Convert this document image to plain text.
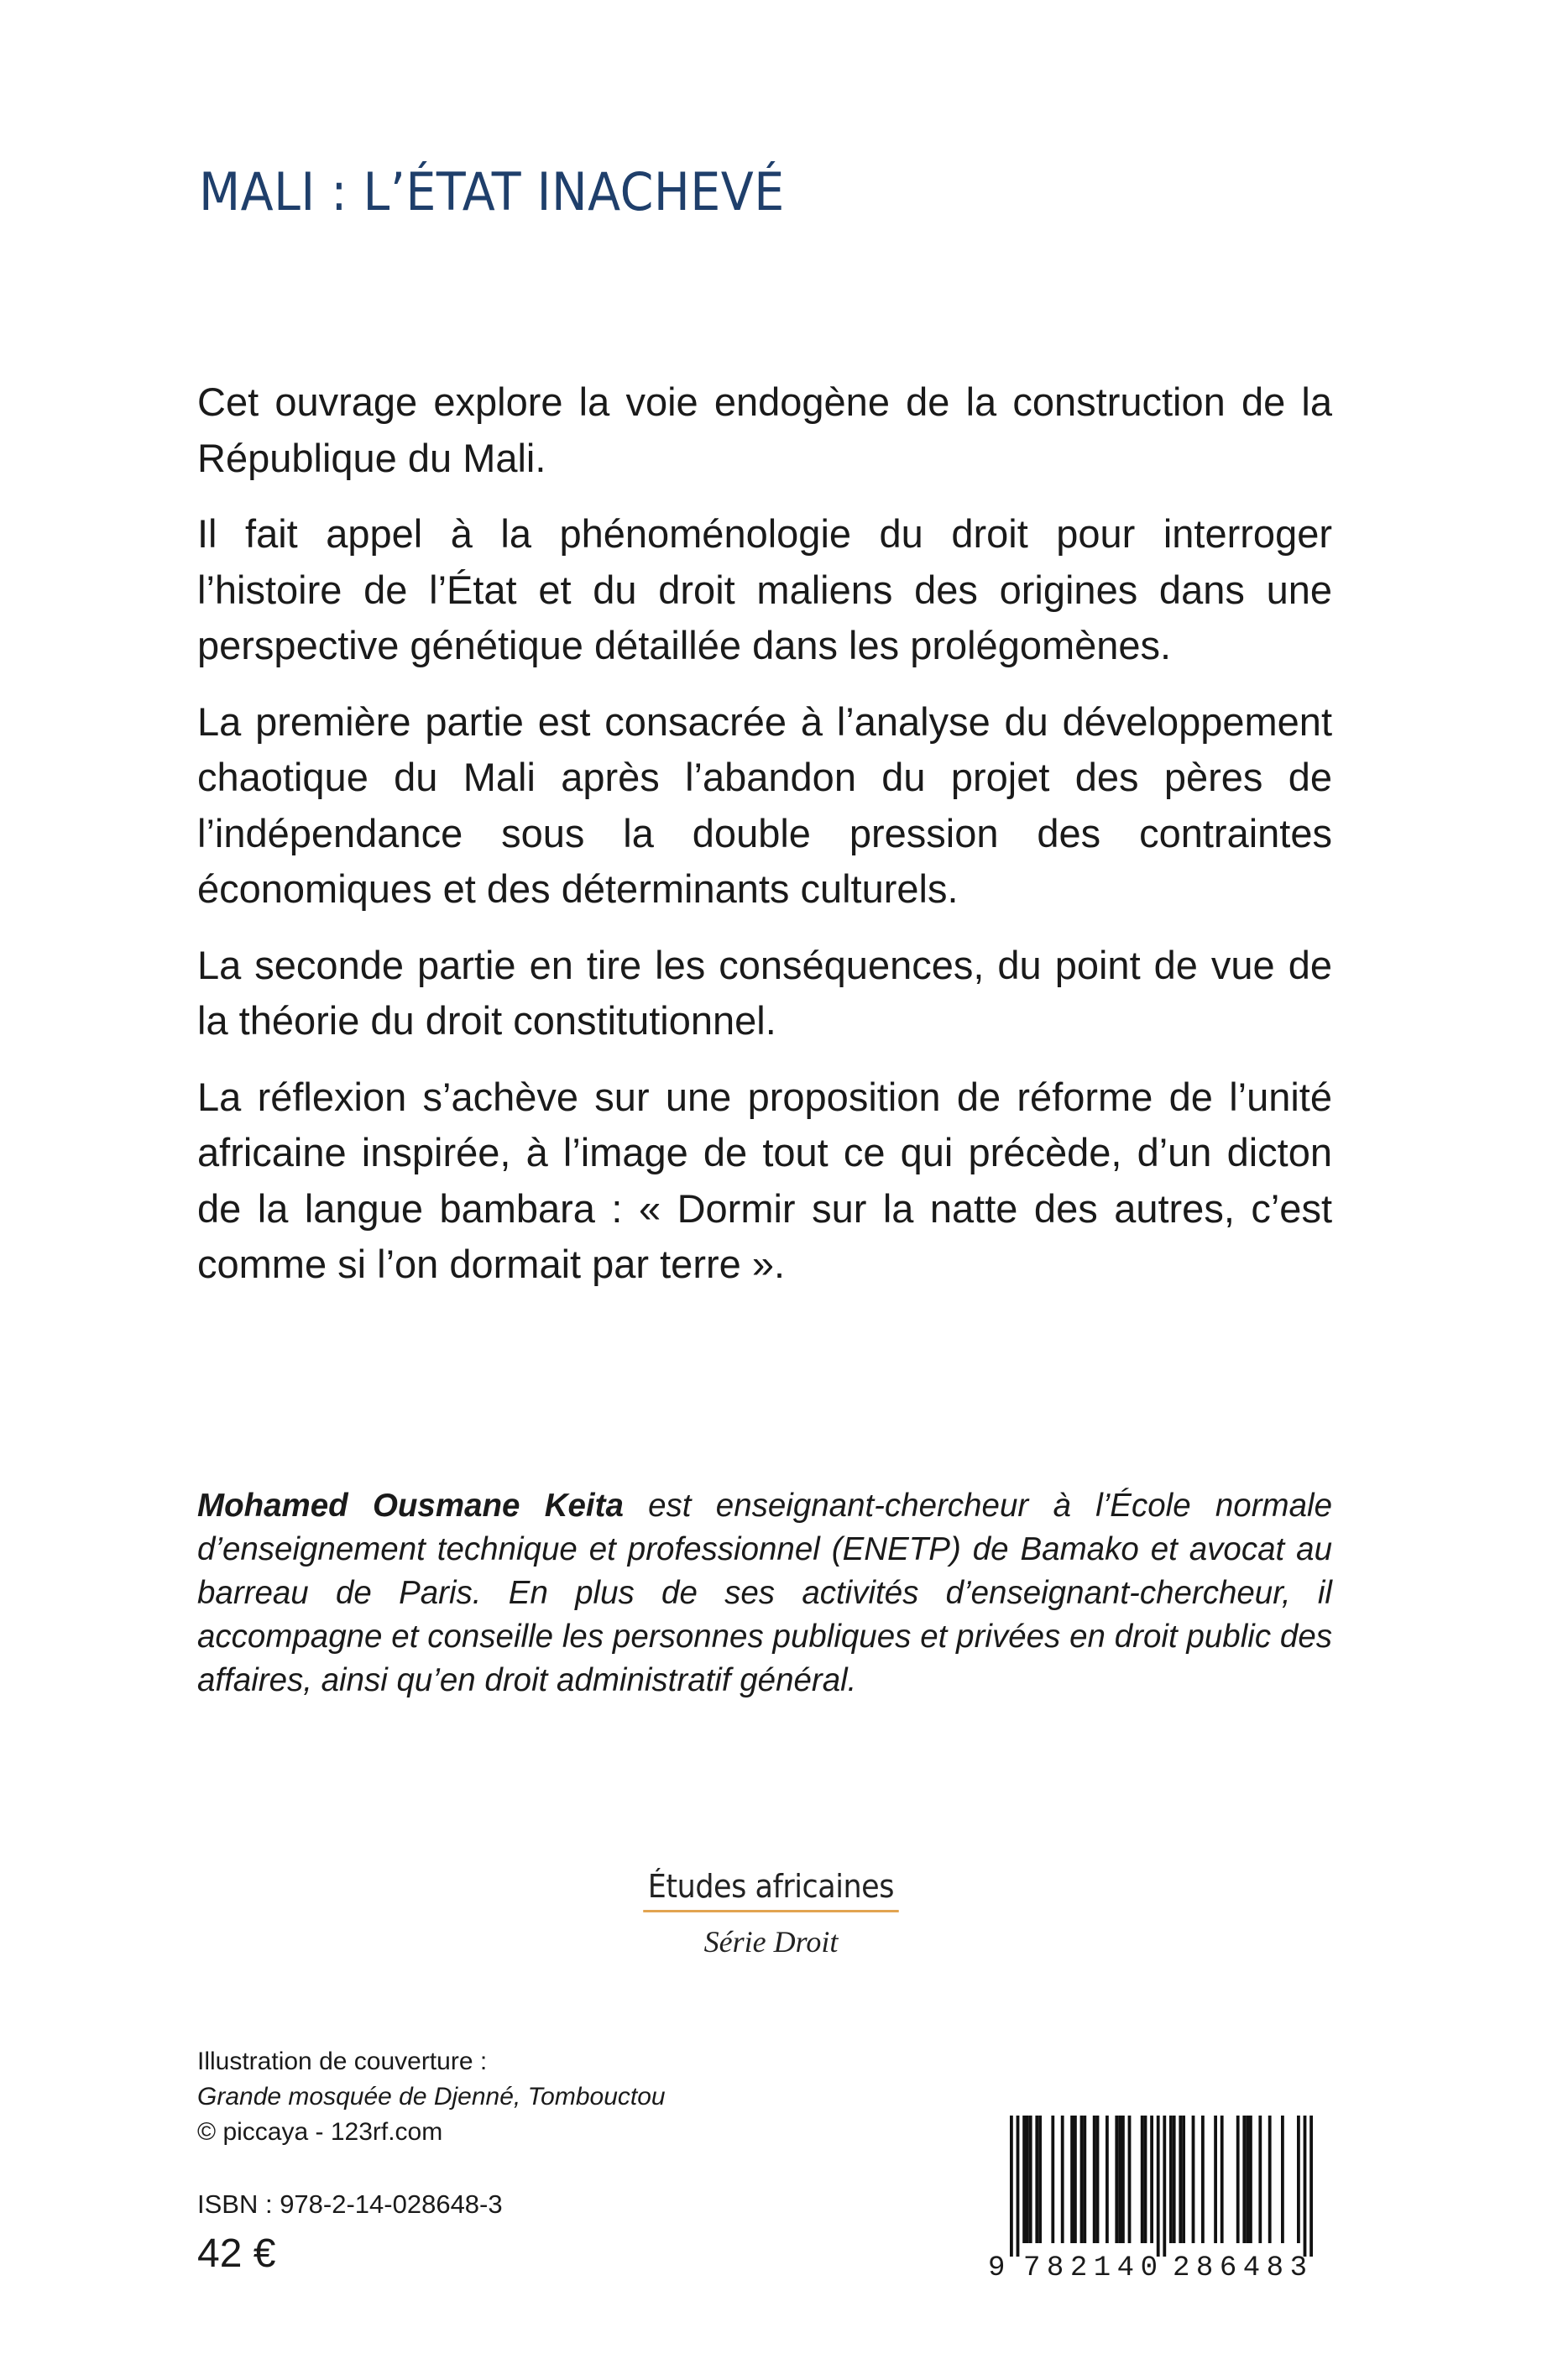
MALI : L’ÉTAT INACHEVÉ

Cet ouvrage explore la voie endogène de la construction de la République du Mali.

Il fait appel à la phénoménologie du droit pour interroger l’histoire de l’État et du droit maliens des origines dans une perspective génétique détaillée dans les prolégomènes.

La première partie est consacrée à l’analyse du développement chaotique du Mali après l’abandon du projet des pères de l’indépendance sous la double pression des contraintes économiques et des déterminants culturels.

La seconde partie en tire les conséquences, du point de vue de la théorie du droit constitutionnel.

La réflexion s’achève sur une proposition de réforme de l’unité africaine inspirée, à l’image de tout ce qui précède, d’un dicton de la langue bambara : « Dormir sur la natte des autres, c’est comme si l’on dormait par terre ».

Mohamed Ousmane Keita est enseignant-chercheur à l’École normale d’enseignement technique et professionnel (ENETP) de Bamako et avocat au barreau de Paris. En plus de ses activités d’enseignant-chercheur, il accompagne et conseille les personnes publiques et privées en droit public des affaires, ainsi qu’en droit administratif général.

Études africaines
Série Droit
Illustration de couverture :
Grande mosquée de Djenné, Tombouctou
© piccaya - 123rf.com
ISBN : 978-2-14-028648-3
42 €	9 782140 286483
